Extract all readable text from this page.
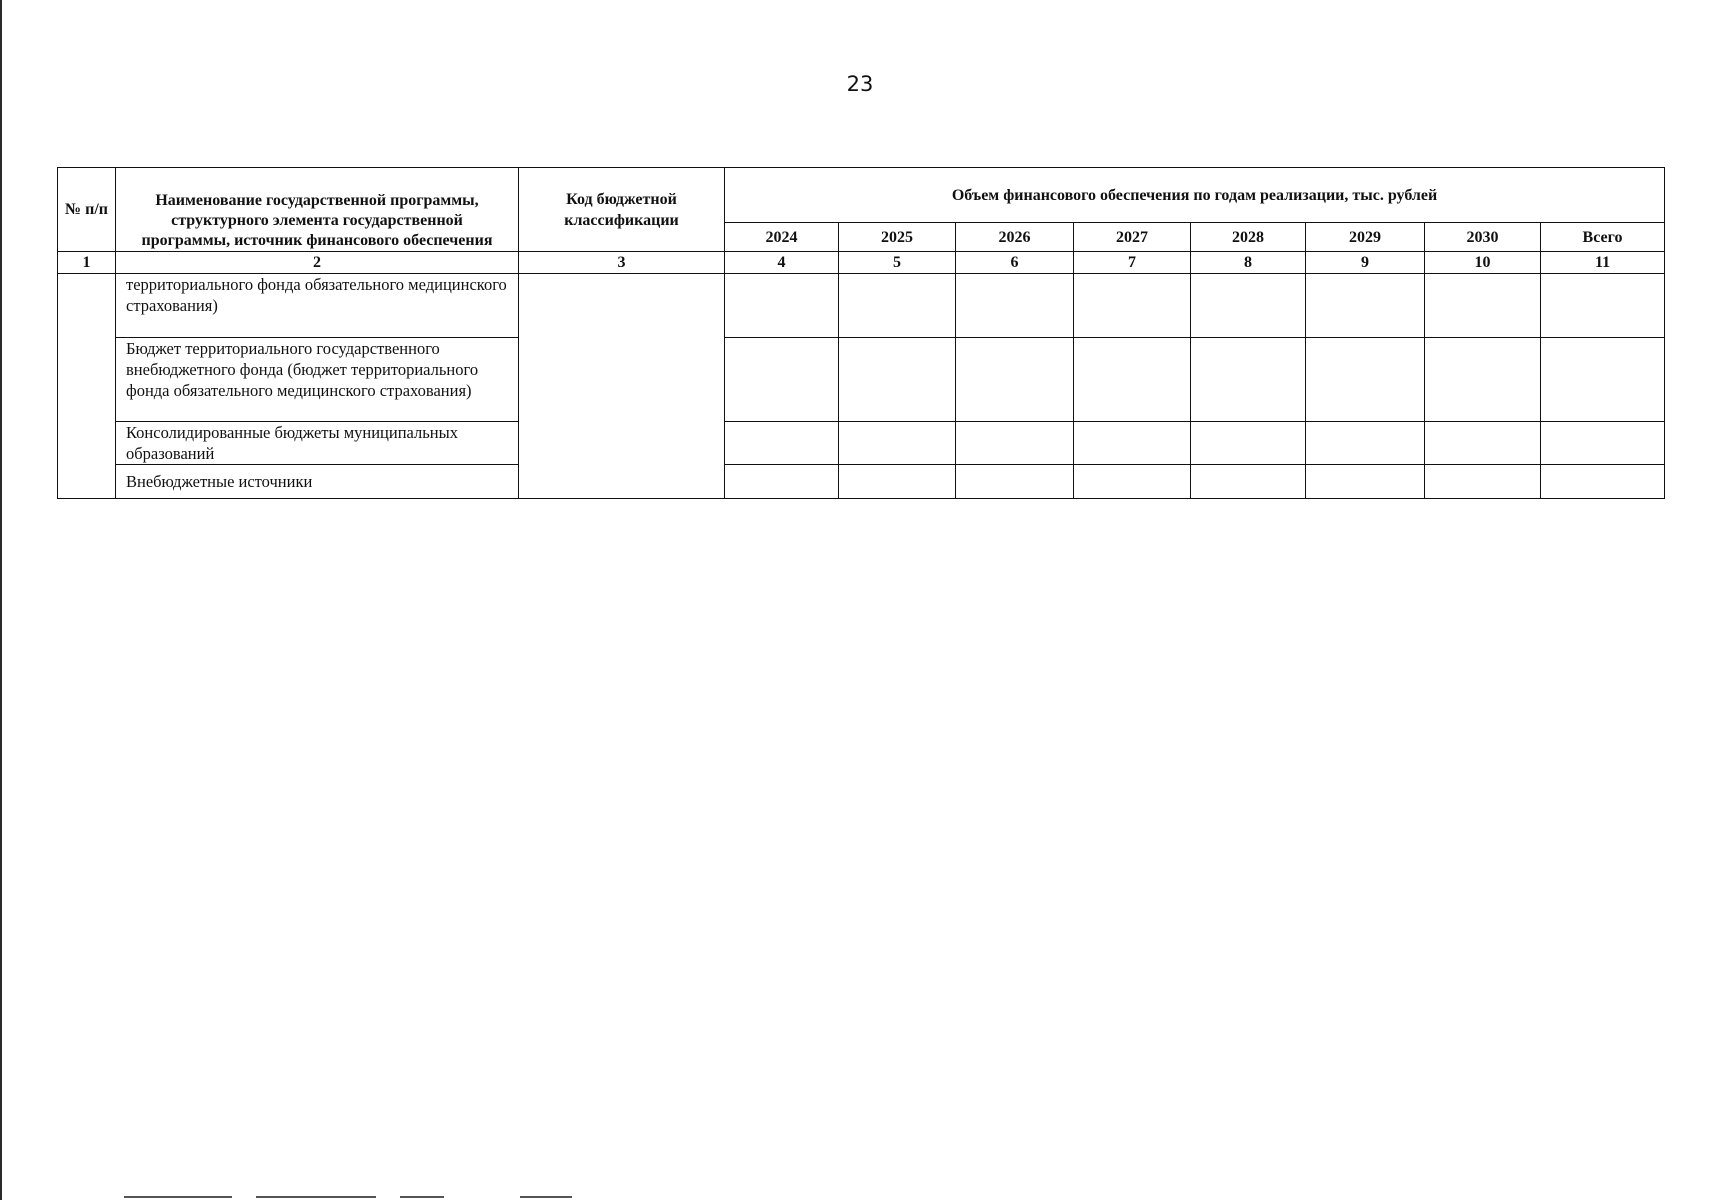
23
№ п/п	Наименование государственной программы, структурного элемента государственной программы, источник финансового обеспечения	Код бюджетной классификации	Объем финансового обеспечения по годам реализации, тыс. рублей							
			2024	2025	2026	2027	2028	2029	2030	Всего
1	2	3	4	5	6	7	8	9	10	11
	территориального фонда обязательного медицинского страхования)									
	Бюджет территориального государственного внебюджетного фонда (бюджет территориального фонда обязательного медицинского страхования)									
	Консолидированные бюджеты муниципальных образований									
	Внебюджетные источники									
